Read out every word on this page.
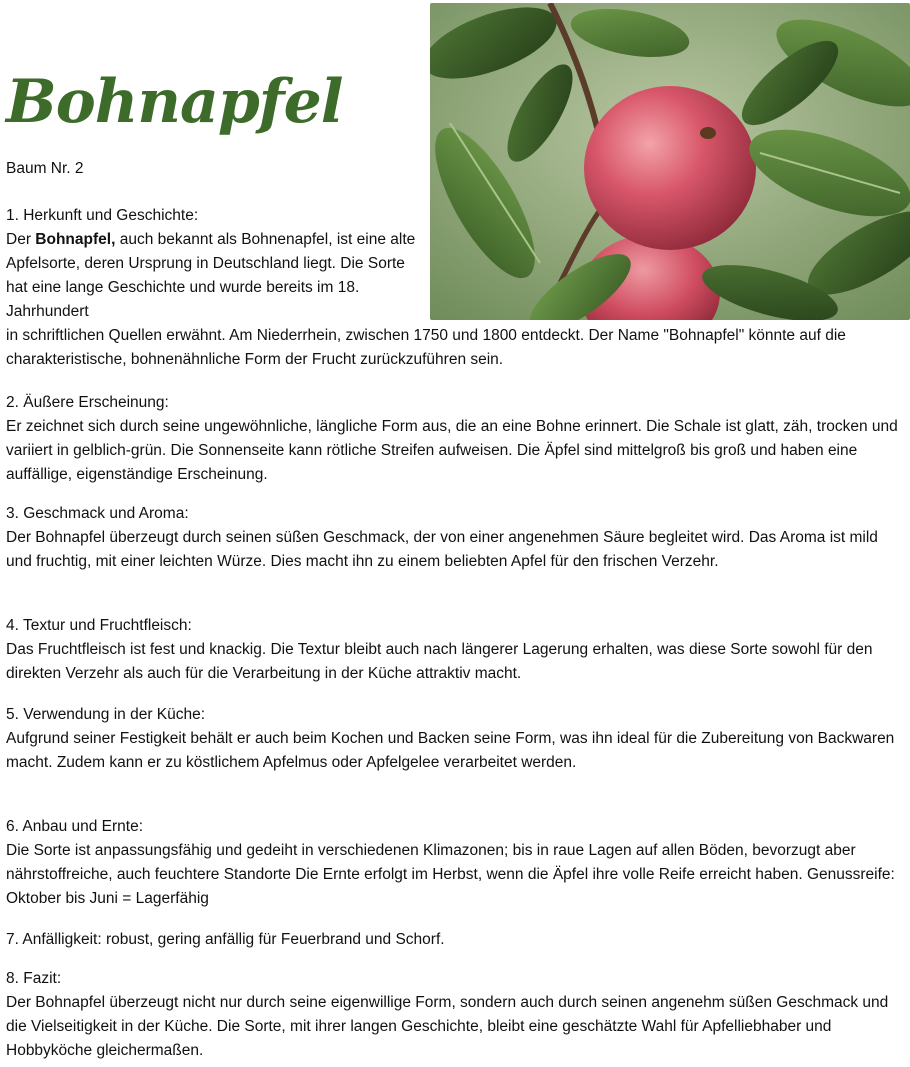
Bohnapfel
Baum Nr. 2

1. Herkunft und Geschichte:

Der Bohnapfel, auch bekannt als Bohnenapfel, ist eine alte Apfelsorte, deren Ursprung in Deutschland liegt. Die Sorte hat eine lange Geschichte und wurde bereits im 18. Jahrhundert

in schriftlichen Quellen erwähnt. Am Niederrhein, zwischen 1750 und 1800 entdeckt. Der Name "Bohnapfel" könnte auf die charakteristische, bohnenähnliche Form der Frucht zurückzuführen sein.

2. Äußere Erscheinung:

Er zeichnet sich durch seine ungewöhnliche, längliche Form aus, die an eine Bohne erinnert. Die Schale ist glatt, zäh, trocken und variiert in gelblich-grün. Die Sonnenseite kann rötliche Streifen aufweisen. Die Äpfel sind mittelgroß bis groß und haben eine auffällige, eigenständige Erscheinung.

3. Geschmack und Aroma:

Der Bohnapfel überzeugt durch seinen süßen Geschmack, der von einer angenehmen Säure begleitet wird. Das Aroma ist mild und fruchtig, mit einer leichten Würze. Dies macht ihn zu einem beliebten Apfel für den frischen Verzehr.

4. Textur und Fruchtfleisch:

Das Fruchtfleisch ist fest und knackig. Die Textur bleibt auch nach längerer Lagerung erhalten, was diese Sorte sowohl für den direkten Verzehr als auch für die Verarbeitung in der Küche attraktiv macht.

5. Verwendung in der Küche:

Aufgrund seiner Festigkeit behält er auch beim Kochen und Backen seine Form, was ihn ideal für die Zubereitung von Backwaren macht. Zudem kann er zu köstlichem Apfelmus oder Apfelgelee verarbeitet werden.

6. Anbau und Ernte:

Die Sorte ist anpassungsfähig und gedeiht in verschiedenen Klimazonen; bis in raue Lagen auf allen Böden, bevorzugt aber nährstoffreiche, auch feuchtere Standorte Die Ernte erfolgt im Herbst, wenn die Äpfel ihre volle Reife erreicht haben. Genussreife: Oktober bis Juni = Lagerfähig

7. Anfälligkeit: robust, gering anfällig für Feuerbrand und Schorf.

8. Fazit:

Der Bohnapfel überzeugt nicht nur durch seine eigenwillige Form, sondern auch durch seinen angenehm süßen Geschmack und die Vielseitigkeit in der Küche. Die Sorte, mit ihrer langen Geschichte, bleibt eine geschätzte Wahl für Apfelliebhaber und Hobbyköche gleichermaßen.
